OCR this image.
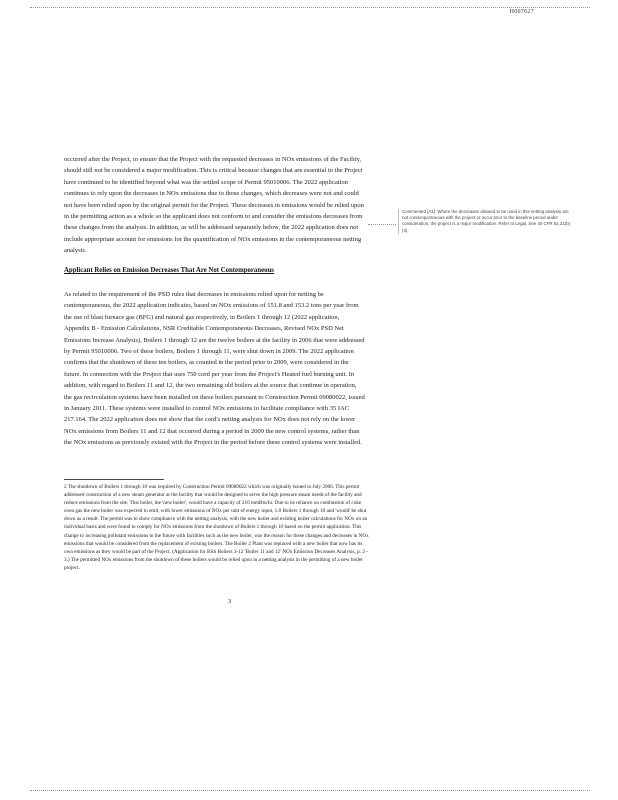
H007627

occurred after the Project, to ensure that the Project with the requested decreases in NOx emissions of the Facility, should still not be considered a major modification. This is critical because changes that are essential to the Project have continued to be identified beyond what was the settled scope of Permit 95010006. The 2022 application continues to rely upon the decreases in NOx emissions due to those changes, which decreases were not and could not have been relied upon by the original permit for the Project. These decreases in emissions would be relied upon in the permitting action as a whole so the applicant does not conform to and consider the emissions decreases from these changes from the analysis. In addition, as will be addressed separately below, the 2022 application does not include appropriate account for emissions for the quantification of NOx emissions in the contemporaneous netting analysis.

Applicant Relies on Emission Decreases That Are Not Contemporaneous

As related to the requirement of the PSD rules that decreases in emissions relied upon for netting be contemporaneous, the 2022 application indicates, based on NOx emissions of 151.8 and 153.2 tons per year from the use of blast furnace gas (BFG) and natural gas respectively, in Boilers 1 through 12 (2022 application, Appendix B - Emission Calculations, NSR Creditable Contemporaneous Decreases, Revised NOx PSD Net Emissions Increase Analysis), Boilers 1 through 12 are the twelve boilers at the facility in 2006 that were addressed by Permit 95010006. Two of these boilers, Boilers 1 through 11, were shut down in 2009. The 2022 application confirms that the shutdown of these ten boilers, as counted in the period prior to 2009, were considered in the future. In connection with the Project that uses 750 cord per year from the Project's Heated fuel burning unit. In addition, with regard to Boilers 11 and 12, the two remaining old boilers at the source that continue in operation, the gas recirculation systems have been installed on these boilers pursuant to Construction Permit 09080022, issued in January 2011. These systems were installed to control NOx emissions to facilitate compliance with 35 IAC 217.164. The 2022 application does not show that the cord's netting analysis for NOx does not rely on the lower NOx emissions from Boilers 11 and 12 that occurred during a period in 2009 the new control systems, rather than the NOx emissions as previously existed with the Project in the period before these control systems were installed.

Commented [A1]: Where the decreases allowed to be used in this netting analysis are not contemporaneous with the project or occur prior to the baseline period under consideration, the project is a major modification. Refer to Legal, See 40 CFR 52.21(b)(3).
2 The shutdown of Boilers 1 through 10 was required by Construction Permit 09080022 which was originally issued in July 2006. This permit addressed construction of a new steam generator at the facility that would be designed to serve the high pressure steam needs of the facility and reduce emissions from the site. This boiler, the 'new boiler', would have a capacity of 210 mmBtu/hr. Due to its reliance on combustion of coke oven gas the new boiler was expected to emit, with lower emissions of NOx per unit of energy input, 1.8 Boilers 1 through 10 and 'would' be shut down as a result. The permit was to show compliance with the netting analysis, with the new boiler and existing boiler calculations for NOx on an individual basis and were found to comply for NOx emissions from the shutdown of Boilers 1 through 10 based on the permit application. This change to increasing pollutant emissions in the future with facilities such as the new boiler, was the reason for these changes and decreases in NOx emissions that would be considered from the replacement of existing boilers. The Boiler 2 Plant was replaced with a new boiler that now has its own emissions as they would be part of the Project. (Application for BSS Boilers 3-12 'Boiler 11 and 12' NOx Emission Decreases Analysis, p. 2 - 3.) The permitted NOx emissions from the shutdown of these boilers would be relied upon in a netting analysis in the permitting of a new boiler project.
3
